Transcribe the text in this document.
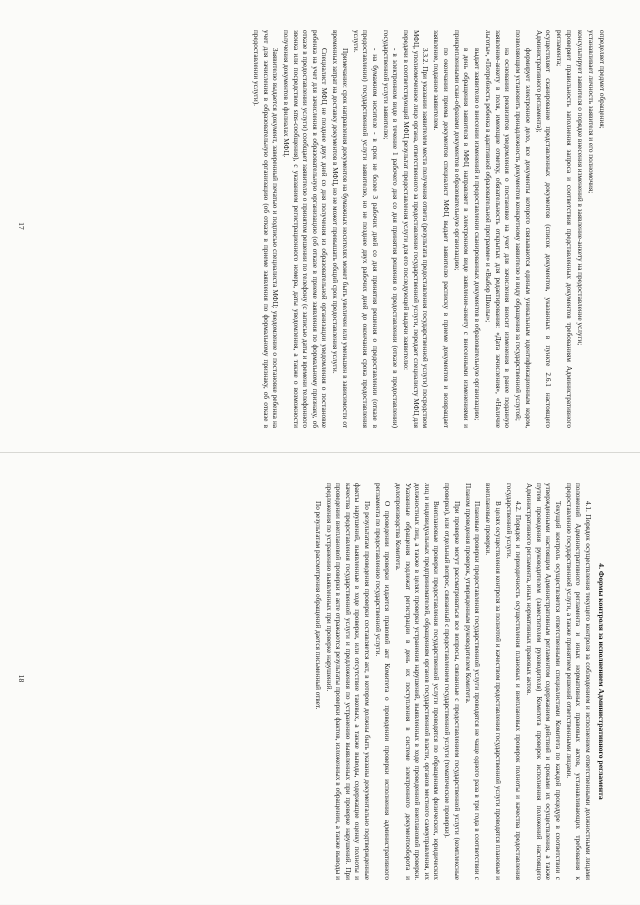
определяет предмет обращения;

устанавливает личность заявителя и его полномочия;

консультирует заявителя о порядке внесения изменений в заявление-анкету на предоставление услуги;

проверяет правильность заполнения запроса и соответствия представленных документов требованиям Административного регламента;

осуществляет сканирование представленных документов (список документов, указанных в пункте 2.6.1 настоящего Административного регламента);

формирует электронное дело, все документы которого связываются единым уникальным идентификационным кодом, позволяющим установить принадлежность документов конкретному заявителю и виду обращения за государственной услугой;

на основании реквизитов уведомления о постановке на учет для зачисления вносит изменения в ранее поданную заявление-анкету в поля, имеющие отметку, обязательность открытых для редактирования: «Дата зачисления», «Наличие льготы», «Потребность ребенка в адаптивной образовательной программе» и «Выбор Школы»;

выдает заявителю о внесении изменений и предоставлении сканированных документов в образовательную организацию;

в день обращения заявителя в МФЦ направляет в электронном виде заявление-анкету с внесенными изменениями и прикрепленными скан-образами документов в образовательную организацию;

по окончании приема документов специалист МФЦ выдает заявителю расписку в приеме документов и возвращает заявление, поданное заявителем.

3.3.2. При указании заявителем места получения ответа (результата предоставления государственной услуги) посредством МФЦ, уполномоченное лицо органа, ответственного за предоставление государственной услуги, передает специалисту МФЦ для передачи в соответствующий МФЦ результат предоставления услуги для его последующей выдачи заявителю:

- в электронном виде в течение 1 рабочего дня со дня принятия решения о предоставлении (отказе в предоставлении) государственной услуги заявителю;

- на бумажном носителе - в срок не более 3 рабочих дней со дня принятия решения о предоставлении (отказе в предоставлении) государственной услуги заявителю, но не позднее двух рабочих дней до окончания срока предоставления услуги.

Примечание: срок направления документов на бумажных носителях может быть увеличен или уменьшен в зависимости от временных затрат на доставку документов в МФЦ, но не может превышать общий срок предоставления услуги.

Специалист МФЦ не позднее двух дней со дня получения из образовательной организации уведомления о постановке ребенка на учет для зачисления в образовательную организацию (об отказе в приеме заявления по формальному признаку, об отказе в предоставлении услуги) сообщает заявителю о принятом решении по телефону (с записью даты и времени телефонного звонка или посредством sms-сообщения), с указанием регистрационного номера, даты уведомления, а также о возможности получения документов в филиалах МФЦ.

Заявителю выдается документ, заверенный печатью и подписью специалиста МФЦ: уведомление о постановке ребенка на учет для зачисления в образовательную организацию (об отказе в приеме заявления по формальному признаку, об отказе в предоставлении услуги).

17
4. Формы контроля за исполнением Административного регламента

4.1. Порядок осуществления текущего контроля за соблюдением и исполнением ответственными должностными лицами положений Административного регламента и иных нормативных правовых актов, устанавливающих требования к предоставлению государственной услуги, а также принятием решений ответственными лицами.

Текущий контроль осуществляется ответственными специалистами Комитета по каждой процедуре в соответствии с утвержденными настоящим Административным регламентом содержанием действий и сроками их осуществления, а также путем проведения руководителем (заместителем руководителя) Комитета проверок исполнения положений настоящего Административного регламента, иных нормативных правовых актов.

4.2. Порядок и периодичность осуществления плановых и внеплановых проверок полноты и качества предоставления государственной услуги.

В целях осуществления контроля за полнотой и качеством предоставления государственной услуги проводятся плановые и внеплановые проверки.

Плановые проверки предоставления государственной услуги проводятся не чаще одного раза в три года в соответствии с Планом проведения проверок, утвержденным руководителем Комитета.

При проверке могут рассматриваться все вопросы, связанные с предоставлением государственной услуги (комплексные проверки), или отдельный вопрос, связанный с предоставлением государственной услуги (тематические проверки).

Внеплановые проверки предоставления государственной услуги проводятся по обращениям физических, юридических лиц и индивидуальных предпринимателей, обращениям органов государственной власти, органов местного самоуправления, их должностных лиц, а также в целях проверки устранения нарушений, выявленных в ходе проведенной внеплановой проверки. Указанные обращения подлежат регистрации в день их поступления в системе электронного документооборота и делопроизводства Комитета.

О проведении проверки издается правовой акт Комитета о проведении проверки исполнения административного регламента по предоставлению государственной услуги.

По результатам проведения проверки составляется акт, в котором должны быть указаны документально подтвержденные факты нарушений, выявленные в ходе проверки, или отсутствие таковых, а также выводы, содержащие оценку полноты и качества предоставления государственной услуги и предложения по устранению выявленных при проверке нарушений. При проведении внеплановой проверки в акте отражаются результаты проверки фактов, изложенных в обращении, а также выводы и предложения по устранению выявленных при проверке нарушений.

По результатам рассмотрения обращений дается письменный ответ.

18
